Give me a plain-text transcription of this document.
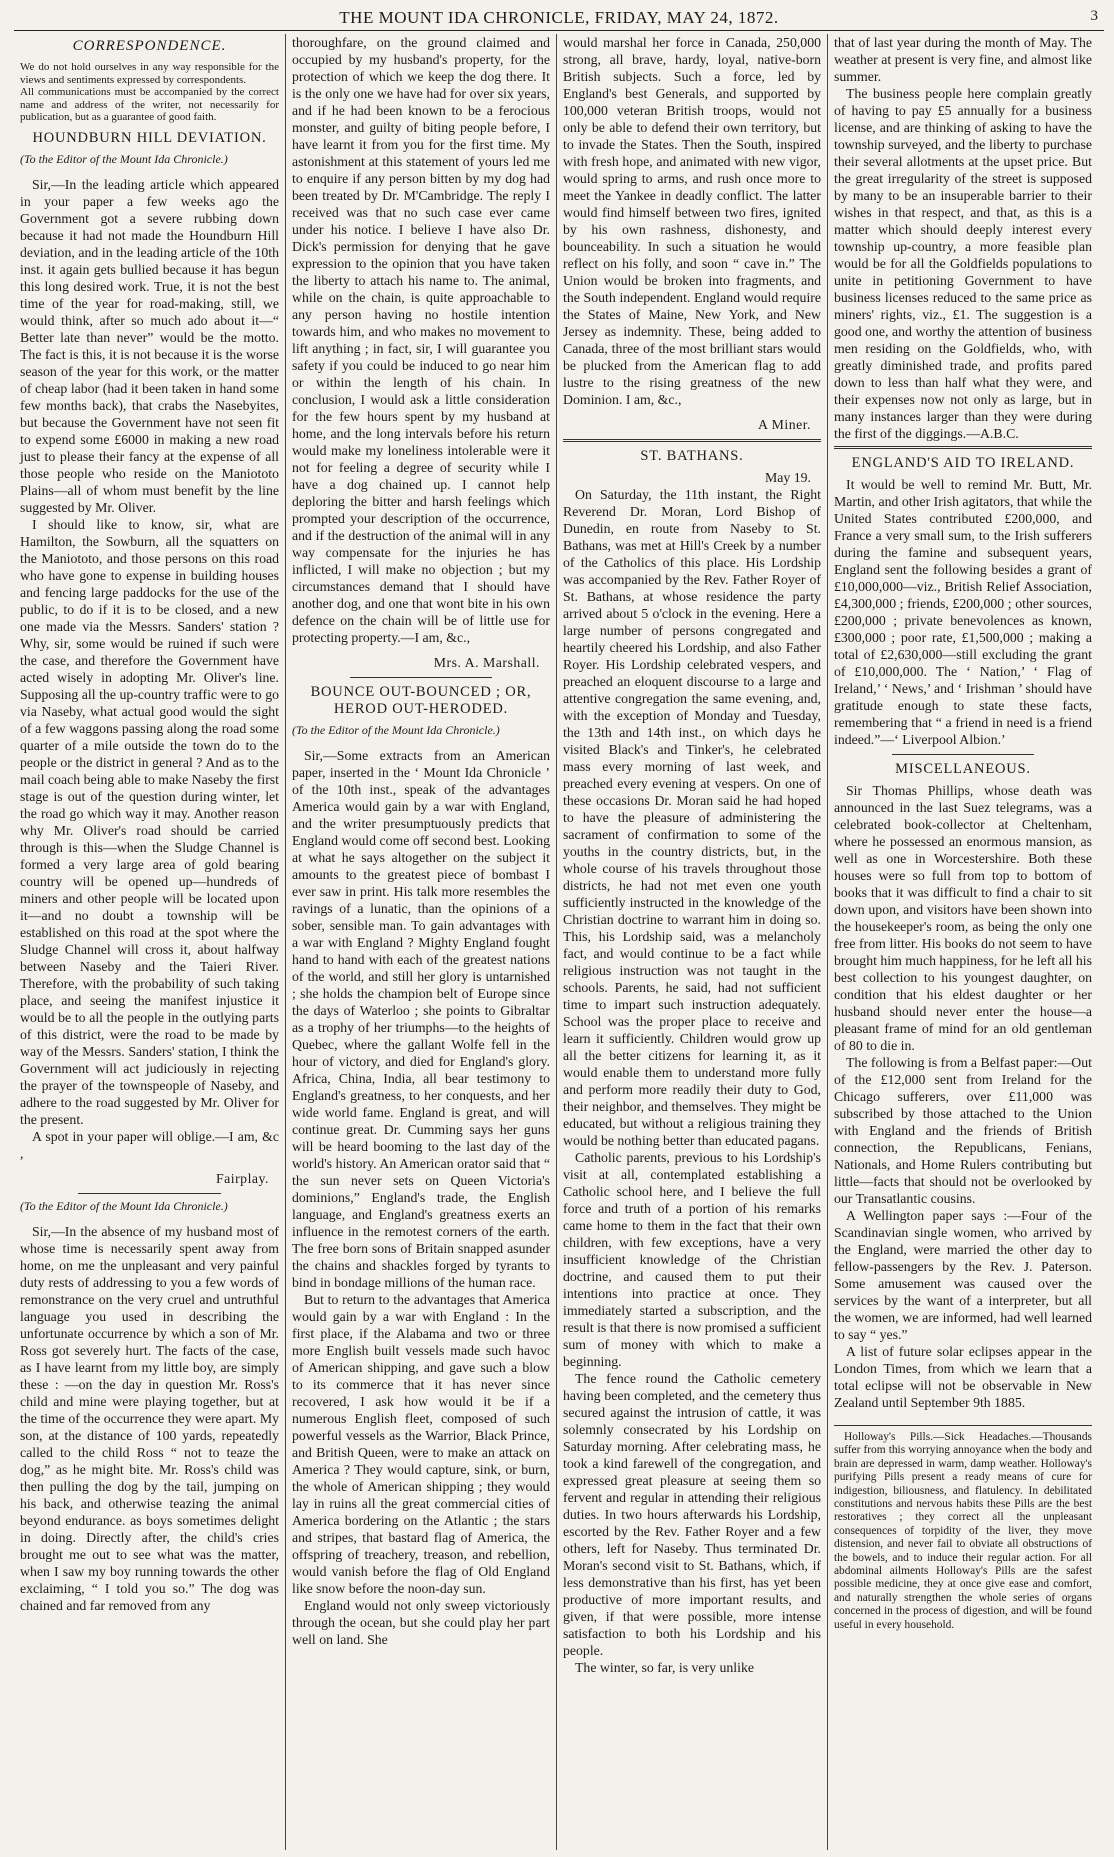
THE MOUNT IDA CHRONICLE, FRIDAY, MAY 24, 1872.	3
CORRESPONDENCE.

We do not hold ourselves in any way responsible for the views and sentiments expressed by correspondents.

All communications must be accompanied by the correct name and address of the writer, not necessarily for publication, but as a guarantee of good faith.

HOUNDBURN HILL DEVIATION.

(To the Editor of the Mount Ida Chronicle.)

Sir,—In the leading article which appeared in your paper a few weeks ago the Government got a severe rubbing down because it had not made the Houndburn Hill deviation, and in the leading article of the 10th inst. it again gets bullied because it has begun this long desired work. True, it is not the best time of the year for road-making, still, we would think, after so much ado about it—“ Better late than never” would be the motto. The fact is this, it is not because it is the worse season of the year for this work, or the matter of cheap labor (had it been taken in hand some few months back), that crabs the Nasebyites, but because the Government have not seen fit to expend some £6000 in making a new road just to please their fancy at the expense of all those people who reside on the Maniototo Plains—all of whom must benefit by the line suggested by Mr. Oliver.

I should like to know, sir, what are Hamilton, the Sowburn, all the squatters on the Maniototo, and those persons on this road who have gone to expense in building houses and fencing large paddocks for the use of the public, to do if it is to be closed, and a new one made via the Messrs. Sanders' station ? Why, sir, some would be ruined if such were the case, and therefore the Government have acted wisely in adopting Mr. Oliver's line. Supposing all the up-country traffic were to go via Naseby, what actual good would the sight of a few waggons passing along the road some quarter of a mile outside the town do to the people or the district in general ? And as to the mail coach being able to make Naseby the first stage is out of the question during winter, let the road go which way it may. Another reason why Mr. Oliver's road should be carried through is this—when the Sludge Channel is formed a very large area of gold bearing country will be opened up—hundreds of miners and other people will be located upon it—and no doubt a township will be established on this road at the spot where the Sludge Channel will cross it, about halfway between Naseby and the Taieri River. Therefore, with the probability of such taking place, and seeing the manifest injustice it would be to all the people in the outlying parts of this district, were the road to be made by way of the Messrs. Sanders' station, I think the Government will act judiciously in rejecting the prayer of the townspeople of Naseby, and adhere to the road suggested by Mr. Oliver for the present.

A spot in your paper will oblige.—I am, &c ,

Fairplay.

(To the Editor of the Mount Ida Chronicle.)

Sir,—In the absence of my husband most of whose time is necessarily spent away from home, on me the unpleasant and very painful duty rests of addressing to you a few words of remonstrance on the very cruel and untruthful language you used in describing the unfortunate occurrence by which a son of Mr. Ross got severely hurt. The facts of the case, as I have learnt from my little boy, are simply these : —on the day in question Mr. Ross's child and mine were playing together, but at the time of the occurrence they were apart. My son, at the distance of 100 yards, repeatedly called to the child Ross “ not to teaze the dog,” as he might bite. Mr. Ross's child was then pulling the dog by the tail, jumping on his back, and otherwise teazing the animal beyond endurance. as boys sometimes delight in doing. Directly after, the child's cries brought me out to see what was the matter, when I saw my boy running towards the other exclaiming, “ I told you so.” The dog was chained and far removed from any

thoroughfare, on the ground claimed and occupied by my husband's property, for the protection of which we keep the dog there. It is the only one we have had for over six years, and if he had been known to be a ferocious monster, and guilty of biting people before, I have learnt it from you for the first time. My astonishment at this statement of yours led me to enquire if any person bitten by my dog had been treated by Dr. M'Cambridge. The reply I received was that no such case ever came under his notice. I believe I have also Dr. Dick's permission for denying that he gave expression to the opinion that you have taken the liberty to attach his name to. The animal, while on the chain, is quite approachable to any person having no hostile intention towards him, and who makes no movement to lift anything ; in fact, sir, I will guarantee you safety if you could be induced to go near him or within the length of his chain. In conclusion, I would ask a little consideration for the few hours spent by my husband at home, and the long intervals before his return would make my loneliness intolerable were it not for feeling a degree of security while I have a dog chained up. I cannot help deploring the bitter and harsh feelings which prompted your description of the occurrence, and if the destruction of the animal will in any way compensate for the injuries he has inflicted, I will make no objection ; but my circumstances demand that I should have another dog, and one that wont bite in his own defence on the chain will be of little use for protecting property.—I am, &c.,

Mrs. A. Marshall.

BOUNCE OUT-BOUNCED ; OR, HEROD OUT-HERODED.

(To the Editor of the Mount Ida Chronicle.)

Sir,—Some extracts from an American paper, inserted in the ‘ Mount Ida Chronicle ’ of the 10th inst., speak of the advantages America would gain by a war with England, and the writer presumptuously predicts that England would come off second best. Looking at what he says altogether on the subject it amounts to the greatest piece of bombast I ever saw in print. His talk more resembles the ravings of a lunatic, than the opinions of a sober, sensible man. To gain advantages with a war with England ? Mighty England fought hand to hand with each of the greatest nations of the world, and still her glory is untarnished ; she holds the champion belt of Europe since the days of Waterloo ; she points to Gibraltar as a trophy of her triumphs—to the heights of Quebec, where the gallant Wolfe fell in the hour of victory, and died for England's glory. Africa, China, India, all bear testimony to England's greatness, to her conquests, and her wide world fame. England is great, and will continue great. Dr. Cumming says her guns will be heard booming to the last day of the world's history. An American orator said that “ the sun never sets on Queen Victoria's dominions,” England's trade, the English language, and England's greatness exerts an influence in the remotest corners of the earth. The free born sons of Britain snapped asunder the chains and shackles forged by tyrants to bind in bondage millions of the human race.

But to return to the advantages that America would gain by a war with England : In the first place, if the Alabama and two or three more English built vessels made such havoc of American shipping, and gave such a blow to its commerce that it has never since recovered, I ask how would it be if a numerous English fleet, composed of such powerful vessels as the Warrior, Black Prince, and British Queen, were to make an attack on America ? They would capture, sink, or burn, the whole of American shipping ; they would lay in ruins all the great commercial cities of America bordering on the Atlantic ; the stars and stripes, that bastard flag of America, the offspring of treachery, treason, and rebellion, would vanish before the flag of Old England like snow before the noon-day sun.

England would not only sweep victoriously through the ocean, but she could play her part well on land. She

would marshal her force in Canada, 250,000 strong, all brave, hardy, loyal, native-born British subjects. Such a force, led by England's best Generals, and supported by 100,000 veteran British troops, would not only be able to defend their own territory, but to invade the States. Then the South, inspired with fresh hope, and animated with new vigor, would spring to arms, and rush once more to meet the Yankee in deadly conflict. The latter would find himself between two fires, ignited by his own rashness, dishonesty, and bounceability. In such a situation he would reflect on his folly, and soon “ cave in.” The Union would be broken into fragments, and the South independent. England would require the States of Maine, New York, and New Jersey as indemnity. These, being added to Canada, three of the most brilliant stars would be plucked from the American flag to add lustre to the rising greatness of the new Dominion. I am, &c.,

A Miner.

ST. BATHANS.

May 19.

On Saturday, the 11th instant, the Right Reverend Dr. Moran, Lord Bishop of Dunedin, en route from Naseby to St. Bathans, was met at Hill's Creek by a number of the Catholics of this place. His Lordship was accompanied by the Rev. Father Royer of St. Bathans, at whose residence the party arrived about 5 o'clock in the evening. Here a large number of persons congregated and heartily cheered his Lordship, and also Father Royer. His Lordship celebrated vespers, and preached an eloquent discourse to a large and attentive congregation the same evening, and, with the exception of Monday and Tuesday, the 13th and 14th inst., on which days he visited Black's and Tinker's, he celebrated mass every morning of last week, and preached every evening at vespers. On one of these occasions Dr. Moran said he had hoped to have the pleasure of administering the sacrament of confirmation to some of the youths in the country districts, but, in the whole course of his travels throughout those districts, he had not met even one youth sufficiently instructed in the knowledge of the Christian doctrine to warrant him in doing so. This, his Lordship said, was a melancholy fact, and would continue to be a fact while religious instruction was not taught in the schools. Parents, he said, had not sufficient time to impart such instruction adequately. School was the proper place to receive and learn it sufficiently. Children would grow up all the better citizens for learning it, as it would enable them to understand more fully and perform more readily their duty to God, their neighbor, and themselves. They might be educated, but without a religious training they would be nothing better than educated pagans.

Catholic parents, previous to his Lordship's visit at all, contemplated establishing a Catholic school here, and I believe the full force and truth of a portion of his remarks came home to them in the fact that their own children, with few exceptions, have a very insufficient knowledge of the Christian doctrine, and caused them to put their intentions into practice at once. They immediately started a subscription, and the result is that there is now promised a sufficient sum of money with which to make a beginning.

The fence round the Catholic cemetery having been completed, and the cemetery thus secured against the intrusion of cattle, it was solemnly consecrated by his Lordship on Saturday morning. After celebrating mass, he took a kind farewell of the congregation, and expressed great pleasure at seeing them so fervent and regular in attending their religious duties. In two hours afterwards his Lordship, escorted by the Rev. Father Royer and a few others, left for Naseby. Thus terminated Dr. Moran's second visit to St. Bathans, which, if less demonstrative than his first, has yet been productive of more important results, and given, if that were possible, more intense satisfaction to both his Lordship and his people.

The winter, so far, is very unlike

that of last year during the month of May. The weather at present is very fine, and almost like summer.

The business people here complain greatly of having to pay £5 annually for a business license, and are thinking of asking to have the township surveyed, and the liberty to purchase their several allotments at the upset price. But the great irregularity of the street is supposed by many to be an insuperable barrier to their wishes in that respect, and that, as this is a matter which should deeply interest every township up-country, a more feasible plan would be for all the Goldfields populations to unite in petitioning Government to have business licenses reduced to the same price as miners' rights, viz., £1. The suggestion is a good one, and worthy the attention of business men residing on the Goldfields, who, with greatly diminished trade, and profits pared down to less than half what they were, and their expenses now not only as large, but in many instances larger than they were during the first of the diggings.—A.B.C.

ENGLAND'S AID TO IRELAND.

It would be well to remind Mr. Butt, Mr. Martin, and other Irish agitators, that while the United States contributed £200,000, and France a very small sum, to the Irish sufferers during the famine and subsequent years, England sent the following besides a grant of £10,000,000—viz., British Relief Association, £4,300,000 ; friends, £200,000 ; other sources, £200,000 ; private benevolences as known, £300,000 ; poor rate, £1,500,000 ; making a total of £2,630,000—still excluding the grant of £10,000,000. The ‘ Nation,’ ‘ Flag of Ireland,’ ‘ News,’ and ‘ Irishman ’ should have gratitude enough to state these facts, remembering that “ a friend in need is a friend indeed.”—‘ Liverpool Albion.’

MISCELLANEOUS.

Sir Thomas Phillips, whose death was announced in the last Suez telegrams, was a celebrated book-collector at Cheltenham, where he possessed an enormous mansion, as well as one in Worcestershire. Both these houses were so full from top to bottom of books that it was difficult to find a chair to sit down upon, and visitors have been shown into the housekeeper's room, as being the only one free from litter. His books do not seem to have brought him much happiness, for he left all his best collection to his youngest daughter, on condition that his eldest daughter or her husband should never enter the house—a pleasant frame of mind for an old gentleman of 80 to die in.

The following is from a Belfast paper:—Out of the £12,000 sent from Ireland for the Chicago sufferers, over £11,000 was subscribed by those attached to the Union with England and the friends of British connection, the Republicans, Fenians, Nationals, and Home Rulers contributing but little—facts that should not be overlooked by our Transatlantic cousins.

A Wellington paper says :—Four of the Scandinavian single women, who arrived by the England, were married the other day to fellow-passengers by the Rev. J. Paterson. Some amusement was caused over the services by the want of a interpreter, but all the women, we are informed, had well learned to say “ yes.”

A list of future solar eclipses appear in the London Times, from which we learn that a total eclipse will not be observable in New Zealand until September 9th 1885.

Holloway's Pills.—Sick Headaches.—Thousands suffer from this worrying annoyance when the body and brain are depressed in warm, damp weather. Holloway's purifying Pills present a ready means of cure for indigestion, biliousness, and flatulency. In debilitated constitutions and nervous habits these Pills are the best restoratives ; they correct all the unpleasant consequences of torpidity of the liver, they move distension, and never fail to obviate all obstructions of the bowels, and to induce their regular action. For all abdominal ailments Holloway's Pills are the safest possible medicine, they at once give ease and comfort, and naturally strengthen the whole series of organs concerned in the process of digestion, and will be found useful in every household.
